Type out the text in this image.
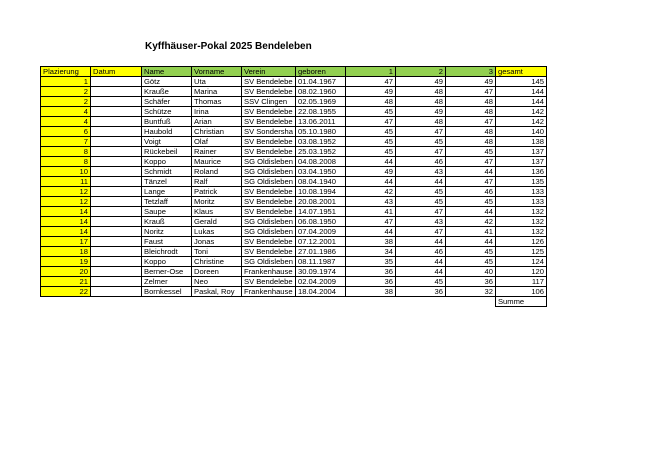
Kyffhäuser-Pokal 2025 Bendeleben
Plazierung	Datum	Name	Vorname	Verein	geboren	1	2	3	gesamt
1		Götz	Uta	SV Bendelebe	01.04.1967	47	49	49	145
2		Krauße	Marina	SV Bendelebe	08.02.1960	49	48	47	144
2		Schäfer	Thomas	SSV Clingen	02.05.1969	48	48	48	144
4		Schütze	Irina	SV Bendelebe	22.08.1955	45	49	48	142
4		Buntfuß	Arian	SV Bendelebe	13.06.2011	47	48	47	142
6		Haubold	Christian	SV Sondersha	05.10.1980	45	47	48	140
7		Voigt	Olaf	SV Bendelebe	03.08.1952	45	45	48	138
8		Rückebeil	Rainer	SV Bendelebe	25.03.1952	45	47	45	137
8		Koppo	Maurice	SG Oldisleben	04.08.2008	44	46	47	137
10		Schmidt	Roland	SG Oldisleben	03.04.1950	49	43	44	136
11		Tänzel	Ralf	SG Oldisleben	08.04.1940	44	44	47	135
12		Lange	Patrick	SV Bendelebe	10.08.1994	42	45	46	133
12		Tetzlaff	Moritz	SV Bendelebe	20.08.2001	43	45	45	133
14		Saupe	Klaus	SV Bendelebe	14.07.1951	41	47	44	132
14		Krauß	Gerald	SG Oldisleben	06.08.1950	47	43	42	132
14		Noritz	Lukas	SG Oldisleben	07.04.2009	44	47	41	132
17		Faust	Jonas	SV Bendelebe	07.12.2001	38	44	44	126
18		Bleichrodt	Toni	SV Bendelebe	27.01.1986	34	46	45	125
19		Koppo	Christine	SG Oldisleben	08.11.1987	35	44	45	124
20		Berner-Ose	Doreen	Frankenhause	30.09.1974	36	44	40	120
21		Zelmer	Neo	SV Bendelebe	02.04.2009	36	45	36	117
22		Bornkessel	Paskal, Roy	Frankenhause	18.04.2004	38	36	32	106
									Summe
